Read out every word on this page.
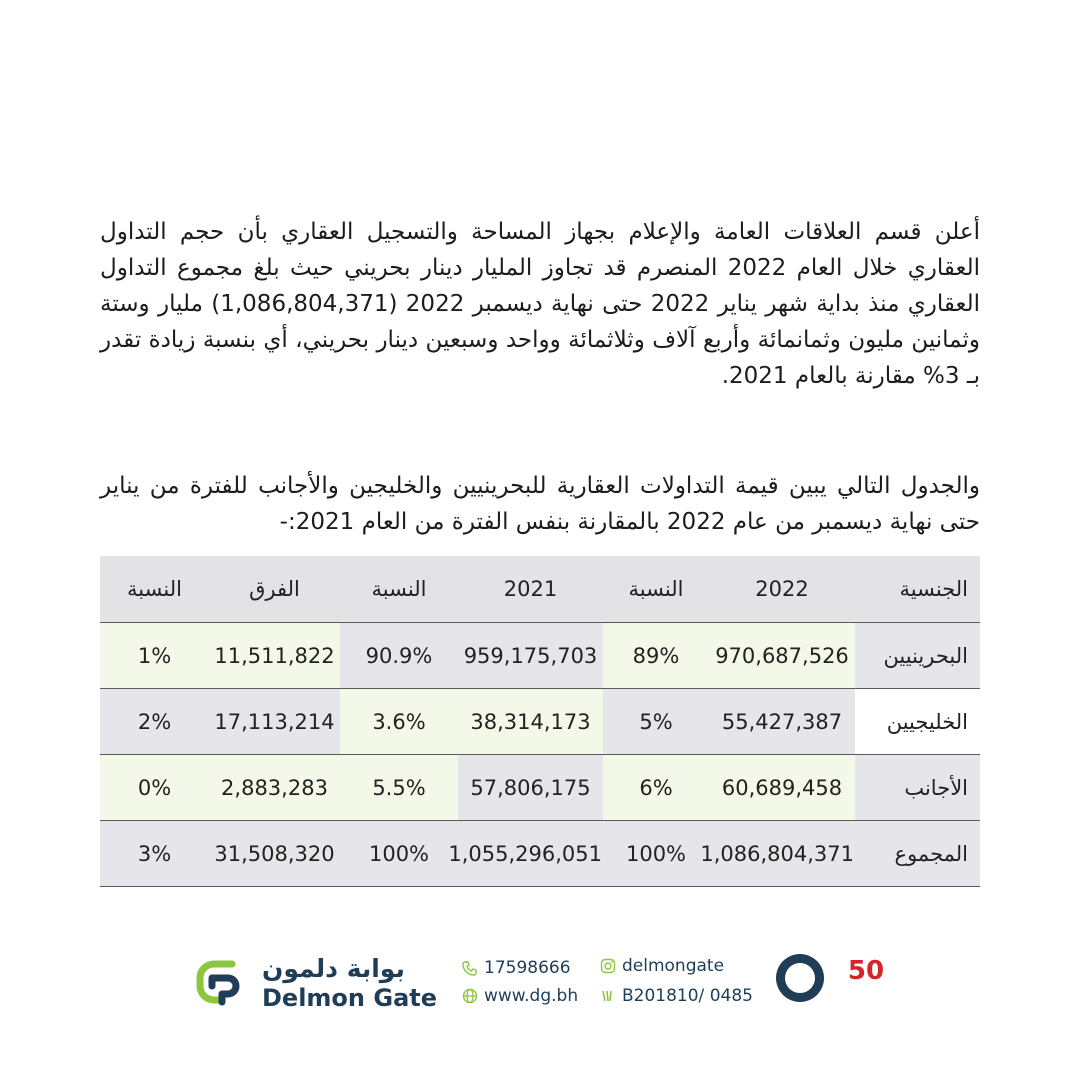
أعلن قسم العلاقات العامة والإعلام بجهاز المساحة والتسجيل العقاري بأن حجم التداول العقاري خلال العام 2022 المنصرم قد تجاوز المليار دينار بحريني حيث بلغ مجموع التداول العقاري منذ بداية شهر يناير 2022 حتى نهاية ديسمبر 2022 (1,086,804,371) مليار وستة وثمانين مليون وثمانمائة وأربع آلاف وثلاثمائة وواحد وسبعين دينار بحريني، أي بنسبة زيادة تقدر بـ 3% مقارنة بالعام 2021.

والجدول التالي يبين قيمة التداولات العقارية للبحرينيين والخليجين والأجانب للفترة من يناير حتى نهاية ديسمبر من عام 2022 بالمقارنة بنفس الفترة من العام 2021:-

الجنسية	2022	النسبة	2021	النسبة	الفرق	النسبة
البحرينيين	970,687,526	89%	959,175,703	90.9%	11,511,822	1%
الخليجيين	55,427,387	5%	38,314,173	3.6%	17,113,214	2%
الأجانب	60,689,458	6%	57,806,175	5.5%	2,883,283	0%
المجموع	1,086,804,371	100%	1,055,296,051	100%	31,508,320	3%
بوابة دلمون
Delmon Gate
17598666
www.dg.bh
delmongate
B201810/ 0485
50
